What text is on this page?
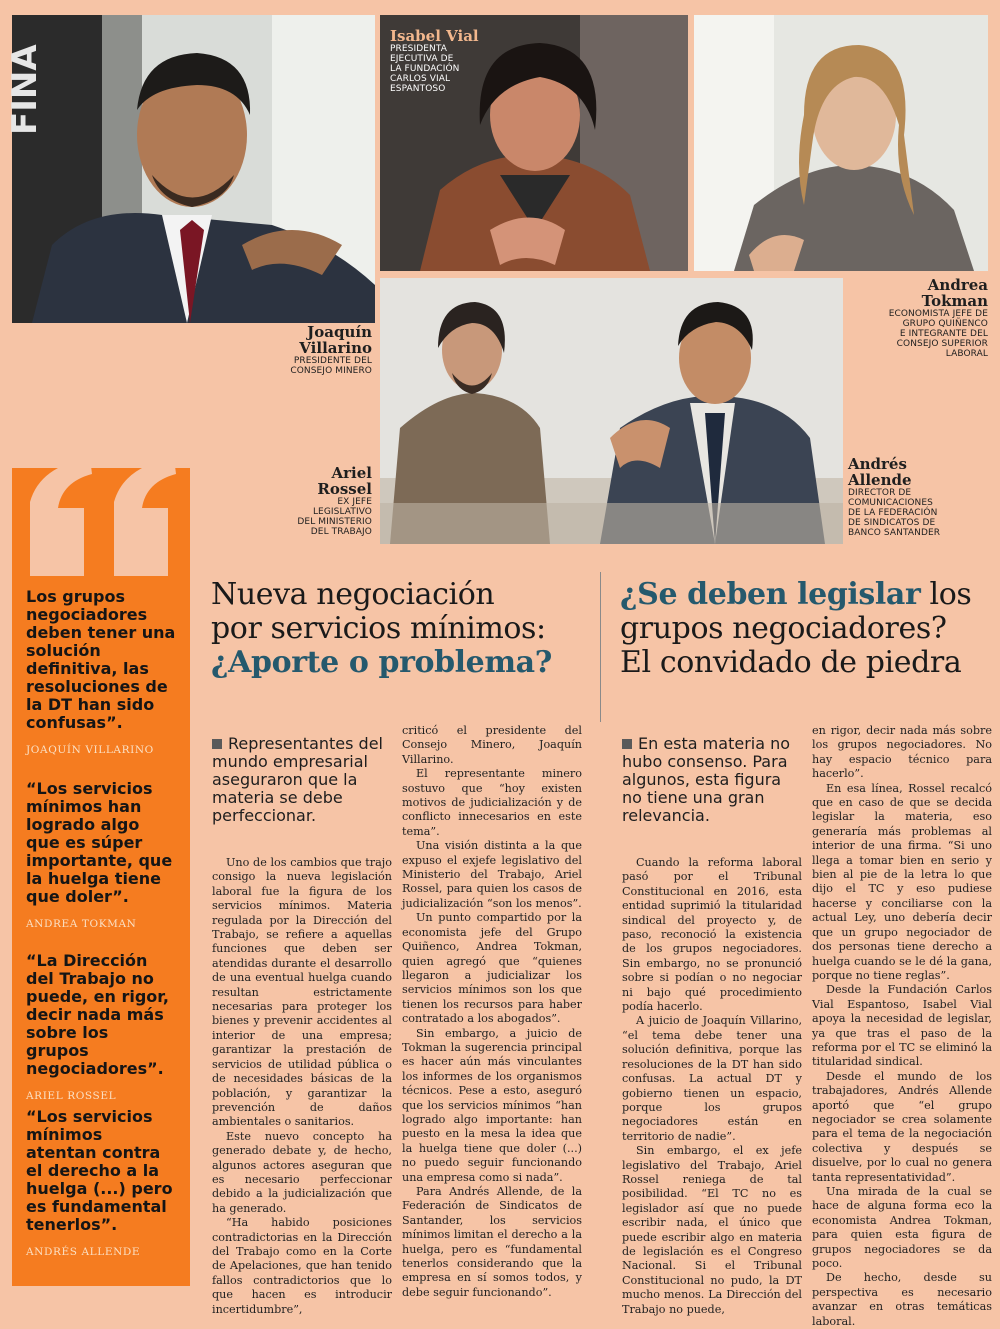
FINA
Isabel Vial
PRESIDENTA
EJECUTIVA DE
LA FUNDACIÓN
CARLOS VIAL
ESPANTOSO
Joaquín
Villarino
PRESIDENTE DEL
CONSEJO MINERO
Andrea
Tokman
ECONOMISTA JEFE DE
GRUPO QUIÑENCO
E INTEGRANTE DEL
CONSEJO SUPERIOR
LABORAL
Ariel
Rossel
EX JEFE
LEGISLATIVO
DEL MINISTERIO
DEL TRABAJO
Andrés
Allende
DIRECTOR DE
COMUNICACIONES
DE LA FEDERACIÓN
DE SINDICATOS DE
BANCO SANTANDER
Los grupos negociadores deben tener una solución definitiva, las resoluciones de la DT han sido confusas”.
JOAQUÍN VILLARINO
“Los servicios mínimos han logrado algo que es súper importante, que la huelga tiene que doler”.
ANDREA TOKMAN
“La Dirección del Trabajo no puede, en rigor, decir nada más sobre los grupos negociadores”.
ARIEL ROSSEL
“Los servicios mínimos atentan contra el derecho a la huelga (...) pero es fundamental tenerlos”.
ANDRÉS ALLENDE
Nueva negociación
por servicios mínimos:
¿Aporte o problema?
¿Se deben legislar los
grupos negociadores?
El convidado de piedra
Representantes del mundo empresarial aseguraron que la materia se debe perfeccionar.
En esta materia no hubo consenso. Para algunos, esta figura no tiene una gran relevancia.

Uno de los cambios que trajo consigo la nueva legislación laboral fue la figura de los servicios mínimos. Materia regulada por la Dirección del Trabajo, se refiere a aquellas funciones que deben ser atendidas durante el desarrollo de una eventual huelga cuando resultan estrictamente necesarias para proteger los bienes y prevenir accidentes al interior de una empresa; garantizar la prestación de servicios de utilidad pública o de necesidades básicas de la población, y garantizar la prevención de daños ambientales o sanitarios.

Este nuevo concepto ha generado debate y, de hecho, algunos actores aseguran que es necesario perfeccionar debido a la judicialización que ha generado.

“Ha habido posiciones contradictorias en la Dirección del Trabajo como en la Corte de Apelaciones, que han tenido fallos contradictorios que lo que hacen es introducir incertidumbre”,

criticó el presidente del Consejo Minero, Joaquín Villarino.

El representante minero sostuvo que “hoy existen motivos de judicialización y de conflicto innecesarios en este tema”.

Una visión distinta a la que expuso el exjefe legislativo del Ministerio del Trabajo, Ariel Rossel, para quien los casos de judicialización “son los menos”.

Un punto compartido por la economista jefe del Grupo Quiñenco, Andrea Tokman, quien agregó que “quienes llegaron a judicializar los servicios mínimos son los que tienen los recursos para haber contratado a los abogados”.

Sin embargo, a juicio de Tokman la sugerencia principal es hacer aún más vinculantes los informes de los organismos técnicos. Pese a esto, aseguró que los servicios mínimos “han logrado algo importante: han puesto en la mesa la idea que la huelga tiene que doler (...) no puedo seguir funcionando una empresa como si nada”.

Para Andrés Allende, de la Federación de Sindicatos de Santander, los servicios mínimos limitan el derecho a la huelga, pero es “fundamental tenerlos considerando que la empresa en sí somos todos, y debe seguir funcionando”.

Cuando la reforma laboral pasó por el Tribunal Constitucional en 2016, esta entidad suprimió la titularidad sindical del proyecto y, de paso, reconoció la existencia de los grupos negociadores. Sin embargo, no se pronunció sobre si podían o no negociar ni bajo qué procedimiento podía hacerlo.

A juicio de Joaquín Villarino, “el tema debe tener una solución definitiva, porque las resoluciones de la DT han sido confusas. La actual DT y gobierno tienen un espacio, porque los grupos negociadores están en territorio de nadie”.

Sin embargo, el ex jefe legislativo del Trabajo, Ariel Rossel reniega de tal posibilidad. “El TC no es legislador así que no puede escribir nada, el único que puede escribir algo en materia de legislación es el Congreso Nacional. Si el Tribunal Constitucional no pudo, la DT mucho menos. La Dirección del Trabajo no puede,

en rigor, decir nada más sobre los grupos negociadores. No hay espacio técnico para hacerlo”.

En esa línea, Rossel recalcó que en caso de que se decida legislar la materia, eso generaría más problemas al interior de una firma. “Si uno llega a tomar bien en serio y bien al pie de la letra lo que dijo el TC y eso pudiese hacerse y conciliarse con la actual Ley, uno debería decir que un grupo negociador de dos personas tiene derecho a huelga cuando se le dé la gana, porque no tiene reglas”.

Desde la Fundación Carlos Vial Espantoso, Isabel Vial apoya la necesidad de legislar, ya que tras el paso de la reforma por el TC se eliminó la titularidad sindical.

Desde el mundo de los trabajadores, Andrés Allende aportó que “el grupo negociador se crea solamente para el tema de la negociación colectiva y después se disuelve, por lo cual no genera tanta representatividad”.

Una mirada de la cual se hace de alguna forma eco la economista Andrea Tokman, para quien esta figura de grupos negociadores se da poco.

De hecho, desde su perspectiva es necesario avanzar en otras temáticas laboral.
